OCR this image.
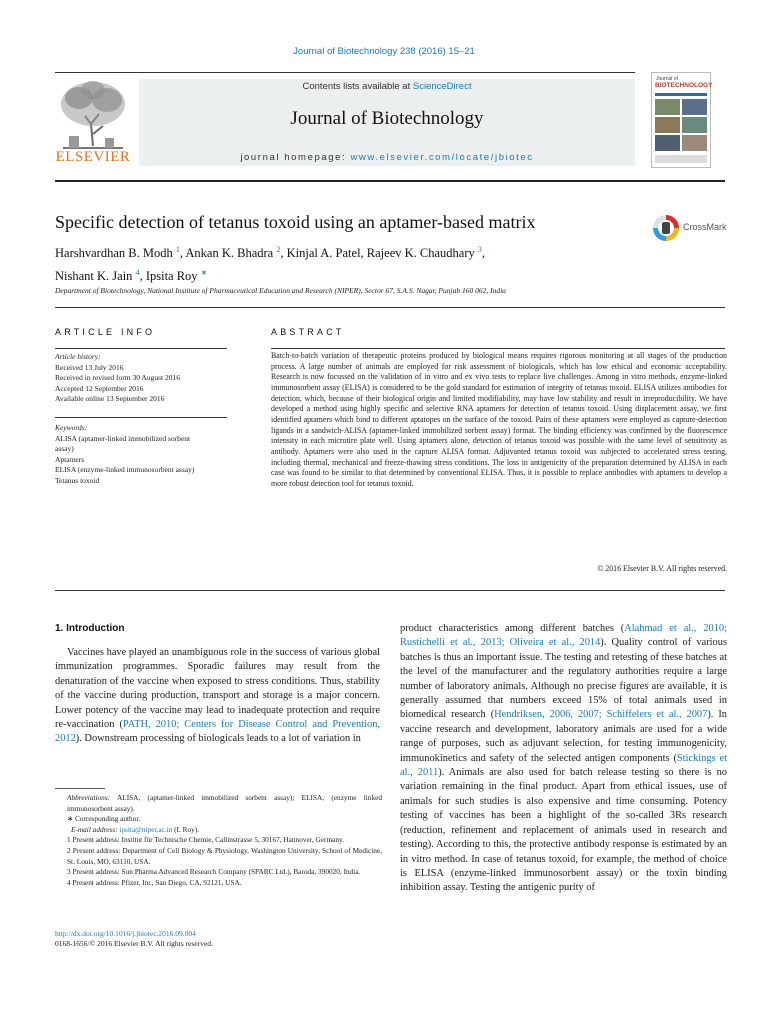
Journal of Biotechnology 238 (2016) 15–21
ELSEVIER
Contents lists available at ScienceDirect
Journal of Biotechnology
journal homepage: www.elsevier.com/locate/jbiotec
Journal of
BIOTECHNOLOGY
Specific detection of tetanus toxoid using an aptamer-based matrix	CrossMark
Harshvardhan B. Modh $^1$, Ankan K. Bhadra $^2$, Kinjal A. Patel, Rajeev K. Chaudhary $^3$,
Nishant K. Jain $^4$, Ipsita Roy ∗
Department of Biotechnology, National Institute of Pharmaceutical Education and Research (NIPER), Sector 67, S.A.S. Nagar, Punjab 160 062, India
ARTICLE INFO	ABSTRACT
Article history:
Received 13 July 2016
Received in revised form 30 August 2016
Accepted 12 September 2016
Available online 13 September 2016
Keywords:
ALISA (aptamer-linked immobilized sorbent assay)
Aptamers
ELISA (enzyme-linked immunosorbent assay)
Tetanus toxoid
Batch-to-batch variation of therapeutic proteins produced by biological means requires rigorous monitoring at all stages of the production process. A large number of animals are employed for risk assessment of biologicals, which has low ethical and economic acceptability. Research is now focussed on the validation of in vitro and ex vivo tests to replace live challenges. Among in vitro methods, enzyme-linked immunosorbent assay (ELISA) is considered to be the gold standard for estimation of integrity of tetanus toxoid. ELISA utilizes antibodies for detection, which, because of their biological origin and limited modifiability, may have low stability and result in irreproducibility. We have developed a method using highly specific and selective RNA aptamers for detection of tetanus toxoid. Using displacement assay, we first identified aptamers which bind to different aptatopes on the surface of the toxoid. Pairs of these aptamers were employed as capture-detection ligands in a sandwich-ALISA (aptamer-linked immobilized sorbent assay) format. The binding efficiency was confirmed by the fluorescence intensity in each microtire plate well. Using aptamers alone, detection of tetanus toxoid was possible with the same level of sensitivity as antibody. Aptamers were also used in the capture ALISA format. Adjuvanted tetanus toxoid was subjected to accelerated stress testing, including thermal, mechanical and freeze-thawing stress conditions. The loss in antigenicity of the preparation determined by ALISA in each case was found to be similar to that determined by conventional ELISA. Thus, it is possible to replace antibodies with aptamers to develop a more robust detection tool for tetanus toxoid.
© 2016 Elsevier B.V. All rights reserved.
1. Introduction
Vaccines have played an unambiguous role in the success of various global immunization programmes. Sporadic failures may result from the denaturation of the vaccine when exposed to stress conditions. Thus, stability of the vaccine during production, transport and storage is a major concern. Lower potency of the vaccine may lead to inadequate protection and require re-vaccination (PATH, 2010; Centers for Disease Control and Prevention, 2012). Downstream processing of biologicals leads to a lot of variation in
product characteristics among different batches (Alahmad et al., 2010; Rustichelli et al., 2013; Oliveira et al., 2014). Quality control of various batches is thus an important issue. The testing and retesting of these batches at the level of the manufacturer and the regulatory authorities require a large number of laboratory animals. Although no precise figures are available, it is generally assumed that numbers exceed 15% of total animals used in biomedical research (Hendriksen, 2006, 2007; Schiffelers et al., 2007). In vaccine research and development, laboratory animals are used for a wide range of purposes, such as adjuvant selection, for testing immunogenicity, immunokinetics and safety of the selected antigen components (Stickings et al., 2011). Animals are also used for batch release testing so there is no variation remaining in the final product. Apart from ethical issues, use of animals for such studies is also expensive and time consuming. Potency testing of vaccines has been a highlight of the so-called 3Rs research (reduction, refinement and replacement of animals used in research and testing). According to this, the protective antibody response is estimated by an in vitro method. In case of tetanus toxoid, for example, the method of choice is ELISA (enzyme-linked immunosorbent assay) or the toxin binding inhibition assay. Testing the antigenic purity of

Abbreviations: ALISA, (aptamer-linked immobilized sorbent assay); ELISA, (enzyme linked immunosorbent assay).

∗ Corresponding author.

E-mail address: ipsita@niper.ac.in (I. Roy).

1 Present address: Institut für Technische Chemie, Callinstrasse 5, 30167, Hannover, Germany.

2 Present address: Department of Cell Biology & Physiology, Washington University, School of Medicine, St. Louis, MO, 63110, USA.

3 Present address: Sun Pharma Advanced Research Company (SPARC Ltd.), Baroda, 390020, India.

4 Present address: Pfizer, Inc, San Diego, CA, 92121, USA.

http://dx.doi.org/10.1016/j.jbiotec.2016.09.004
0168-1656/© 2016 Elsevier B.V. All rights reserved.
